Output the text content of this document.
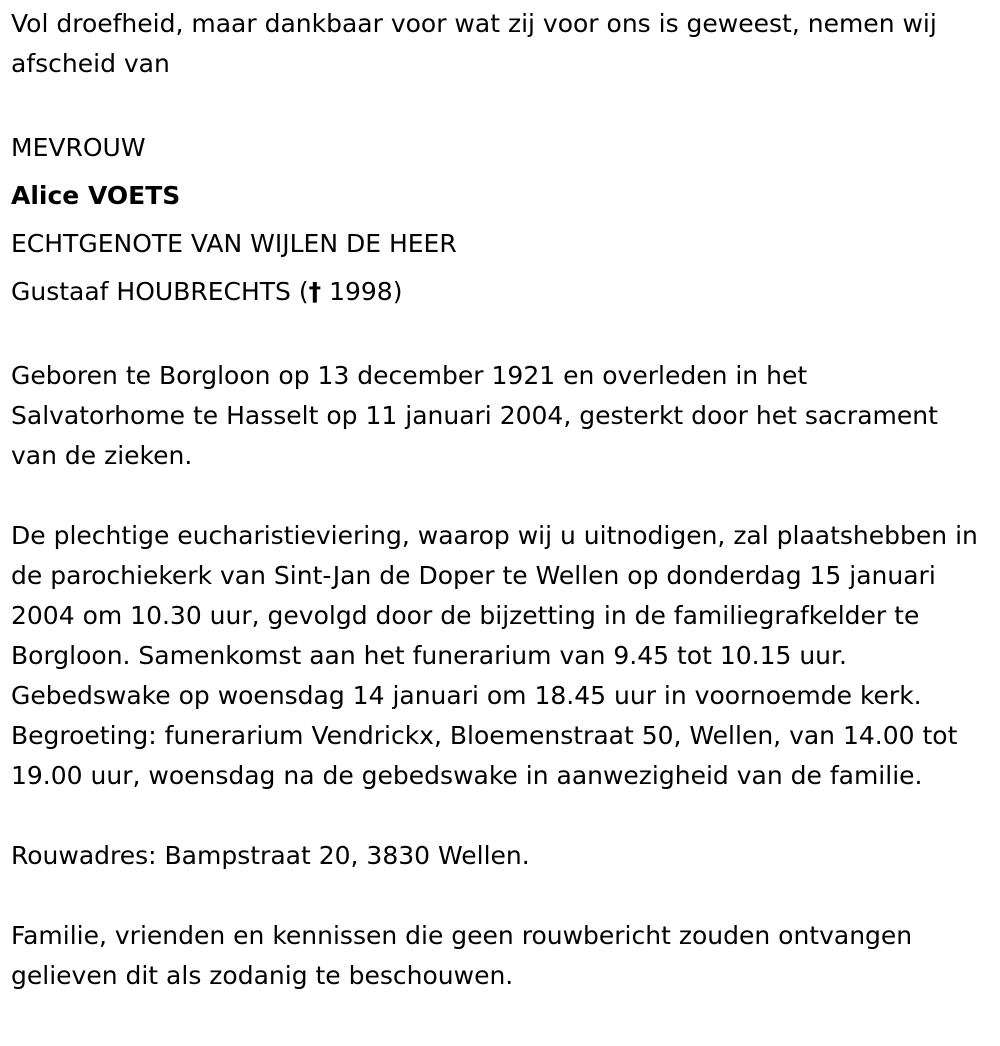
Vol droefheid, maar dankbaar voor wat zij voor ons is geweest, nemen wij afscheid van

MEVROUW
Alice VOETS
ECHTGENOTE VAN WIJLEN DE HEER
Gustaaf HOUBRECHTS († 1998)

Geboren te Borgloon op 13 december 1921 en overleden in het Salvatorhome te Hasselt op 11 januari 2004, gesterkt door het sacrament van de zieken.

De plechtige eucharistieviering, waarop wij u uitnodigen, zal plaatshebben in de parochiekerk van Sint-Jan de Doper te Wellen op donderdag 15 januari 2004 om 10.30 uur, gevolgd door de bijzetting in de familiegrafkelder te Borgloon. Samenkomst aan het funerarium van 9.45 tot 10.15 uur. Gebedswake op woensdag 14 januari om 18.45 uur in voornoemde kerk. Begroeting: funerarium Vendrickx, Bloemenstraat 50, Wellen, van 14.00 tot 19.00 uur, woensdag na de gebedswake in aanwezigheid van de familie.

Rouwadres: Bampstraat 20, 3830 Wellen.

Familie, vrienden en kennissen die geen rouwbericht zouden ontvangen gelieven dit als zodanig te beschouwen.
